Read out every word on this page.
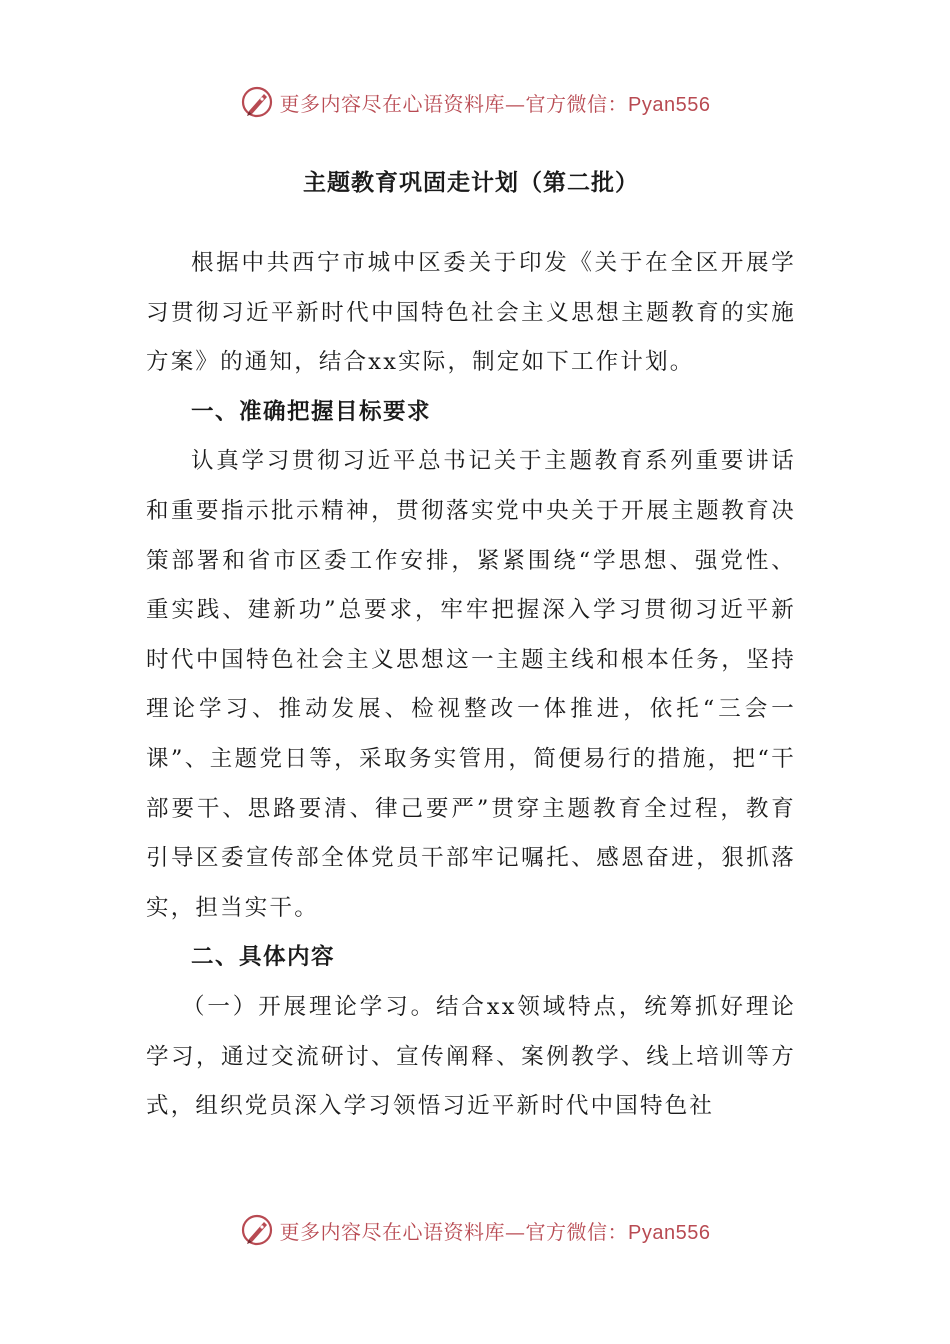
更多内容尽在心语资料库—官方微信：Pyan556
主题教育巩固走计划（第二批）

根据中共西宁市城中区委关于印发《关于在全区开展学习贯彻习近平新时代中国特色社会主义思想主题教育的实施方案》的通知，结合xx实际，制定如下工作计划。

一、准确把握目标要求

认真学习贯彻习近平总书记关于主题教育系列重要讲话和重要指示批示精神，贯彻落实党中央关于开展主题教育决策部署和省市区委工作安排，紧紧围绕“学思想、强党性、重实践、建新功”总要求，牢牢把握深入学习贯彻习近平新时代中国特色社会主义思想这一主题主线和根本任务，坚持理论学习、推动发展、检视整改一体推进，依托“三会一课”、主题党日等，采取务实管用，简便易行的措施，把“干部要干、思路要清、律己要严”贯穿主题教育全过程，教育引导区委宣传部全体党员干部牢记嘱托、感恩奋进，狠抓落实，担当实干。

二、具体内容

（一）开展理论学习。结合xx领域特点，统筹抓好理论学习，通过交流研讨、宣传阐释、案例教学、线上培训等方式，组织党员深入学习领悟习近平新时代中国特色社

更多内容尽在心语资料库—官方微信：Pyan556
